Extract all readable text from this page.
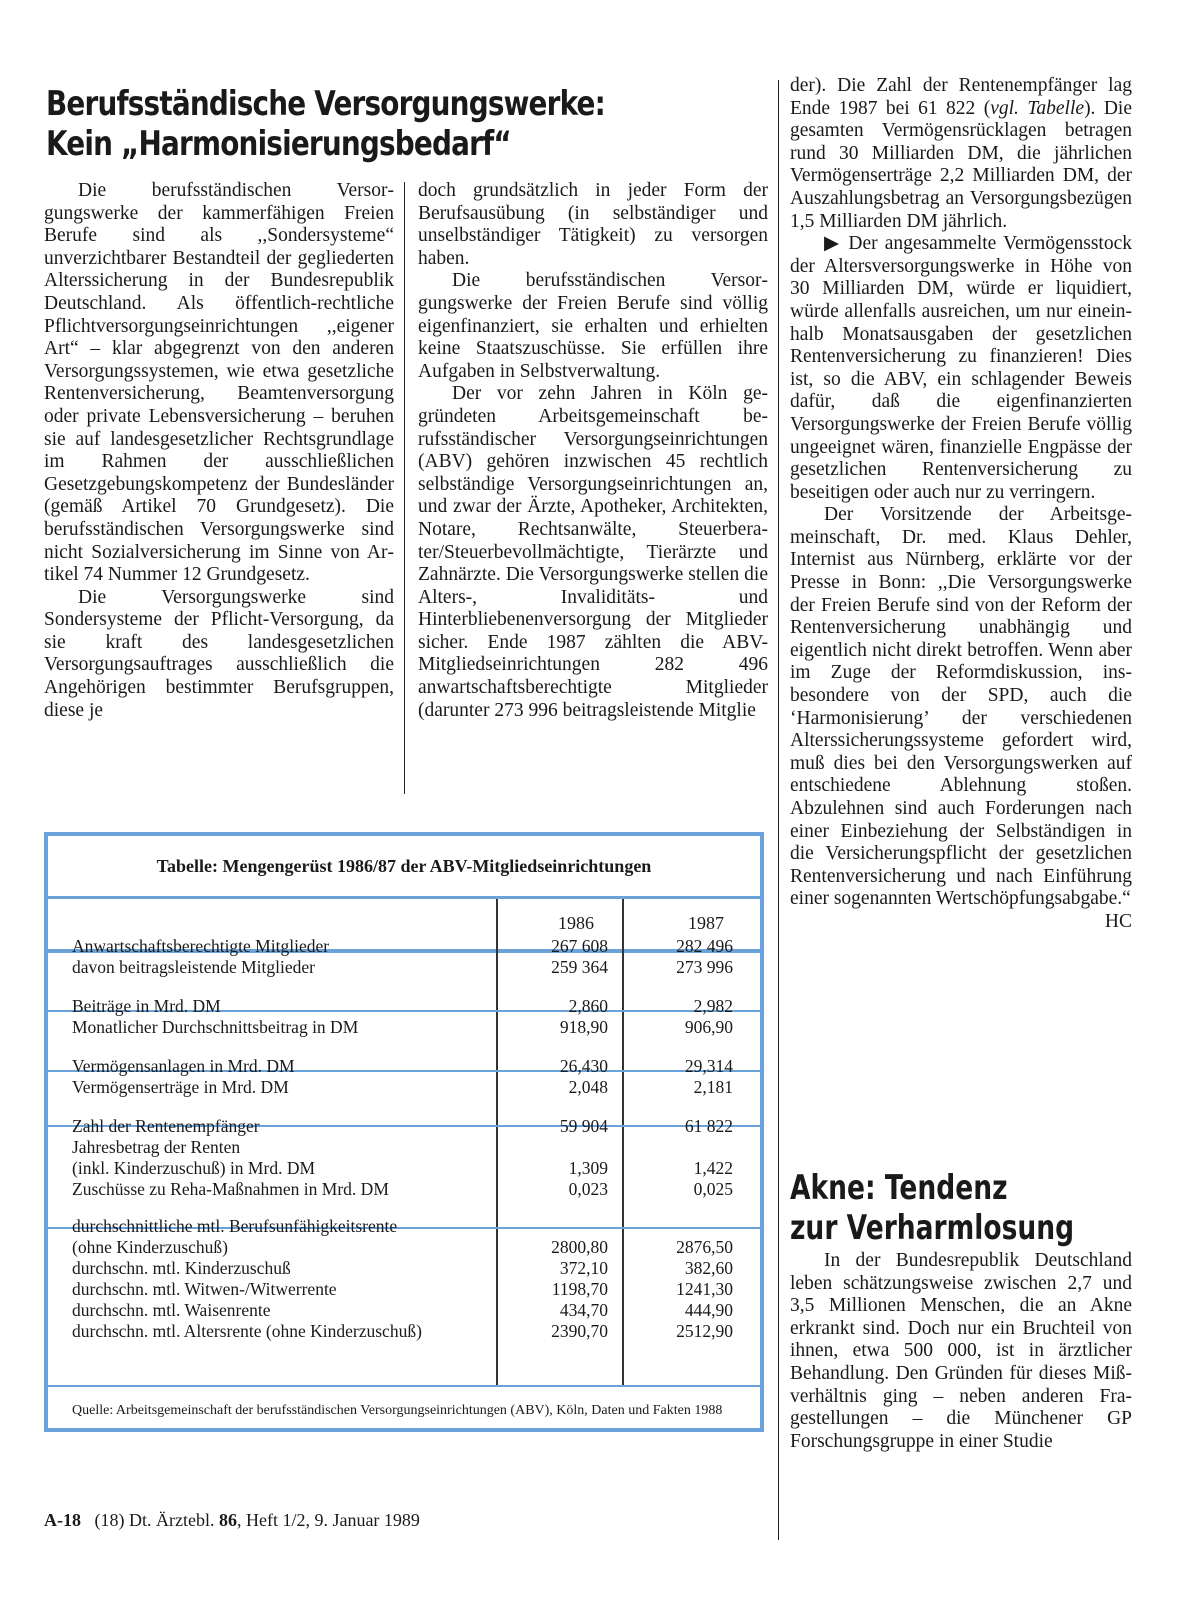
Berufsständische Versorgungswerke:
Kein „Harmonisierungsbedarf“

Die berufsständischen Versorgungswerke der kammerfähigen Freien Berufe sind als ,,Sondersysteme“ unverzichtbarer Bestandteil der gegliederten Alterssicherung in der Bundesrepublik Deutschland. Als öffentlich-rechtliche Pflichtversorgungseinrichtungen ,,eigener Art“ – klar abgegrenzt von den anderen Versorgungssystemen, wie etwa gesetzliche Rentenversicherung, Beamtenversorgung oder private Lebensversicherung – beruhen sie auf landesgesetzlicher Rechtsgrundlage im Rahmen der ausschließlichen Gesetzgebungskompetenz der Bundesländer (gemäß Artikel 70 Grundgesetz). Die berufsständischen Versorgungswerke sind nicht Sozialversicherung im Sinne von Artikel 74 Nummer 12 Grundgesetz.

Die Versorgungswerke sind Sondersysteme der Pflicht-Versorgung, da sie kraft des landesgesetzlichen Versorgungsauftrages ausschließlich die Angehörigen bestimmter Berufsgruppen, diese je

doch grundsätzlich in jeder Form der Berufsausübung (in selbständiger und unselbständiger Tätigkeit) zu versorgen haben.

Die berufsständischen Versorgungswerke der Freien Berufe sind völlig eigenfinanziert, sie erhalten und erhielten keine Staatszuschüsse. Sie erfüllen ihre Aufgaben in Selbstverwaltung.

Der vor zehn Jahren in Köln gegründeten Arbeitsgemeinschaft berufsständischer Versorgungseinrichtungen (ABV) gehören inzwischen 45 rechtlich selbständige Versorgungseinrichtungen an, und zwar der Ärzte, Apotheker, Architekten, Notare, Rechtsanwälte, Steuerberater/Steuerbevollmächtigte, Tierärzte und Zahnärzte. Die Versorgungswerke stellen die Alters-, Invaliditäts- und Hinterbliebenenversorgung der Mitglieder sicher. Ende 1987 zählten die ABV-Mitgliedseinrichtungen 282 496 anwartschaftsberechtigte Mitglieder (darunter 273 996 beitragsleistende Mitglie

der). Die Zahl der Rentenempfänger lag Ende 1987 bei 61 822 (vgl. Tabelle). Die gesamten Vermögensrücklagen betragen rund 30 Milliarden DM, die jährlichen Vermögenserträge 2,2 Milliarden DM, der Auszahlungsbetrag an Versorgungsbezügen 1,5 Milliarden DM jährlich.

▶ Der angesammelte Vermögensstock der Altersversorgungswerke in Höhe von 30 Milliarden DM, würde er liquidiert, würde allenfalls ausreichen, um nur eineinhalb Monatsausgaben der gesetzlichen Rentenversicherung zu finanzieren! Dies ist, so die ABV, ein schlagender Beweis dafür, daß die eigenfinanzierten Versorgungswerke der Freien Berufe völlig ungeeignet wären, finanzielle Engpässe der gesetzlichen Rentenversicherung zu beseitigen oder auch nur zu verringern.

Der Vorsitzende der Arbeitsgemeinschaft, Dr. med. Klaus Dehler, Internist aus Nürnberg, erklärte vor der Presse in Bonn: ,,Die Versorgungswerke der Freien Berufe sind von der Reform der Rentenversicherung unabhängig und eigentlich nicht direkt betroffen. Wenn aber im Zuge der Reformdiskussion, insbesondere von der SPD, auch die ‘Harmonisierung’ der verschiedenen Alterssicherungssysteme gefordert wird, muß dies bei den Versorgungswerken auf entschiedene Ablehnung stoßen. Abzulehnen sind auch Forderungen nach einer Einbeziehung der Selbständigen in die Versicherungspflicht der gesetzlichen Rentenversicherung und nach Einführung einer sogenannten Wertschöpfungsabgabe.“
HC

Tabelle: Mengengerüst 1986/87 der ABV-Mitgliedseinrichtungen
1986	1987
Anwartschaftsberechtigte Mitglieder	267 608	282 496
davon beitragsleistende Mitglieder	259 364	273 996
Beiträge in Mrd. DM	2,860	2,982
Monatlicher Durchschnittsbeitrag in DM	918,90	906,90
Vermögensanlagen in Mrd. DM	26,430	29,314
Vermögenserträge in Mrd. DM	2,048	2,181
Zahl der Rentenempfänger	59 904	61 822
Jahresbetrag der Renten
(inkl. Kinderzuschuß) in Mrd. DM	1,309	1,422
Zuschüsse zu Reha-Maßnahmen in Mrd. DM	0,023	0,025
durchschnittliche mtl. Berufsunfähigkeitsrente
(ohne Kinderzuschuß)	2800,80	2876,50
durchschn. mtl. Kinderzuschuß	372,10	382,60
durchschn. mtl. Witwen-/Witwerrente	1198,70	1241,30
durchschn. mtl. Waisenrente	434,70	444,90
durchschn. mtl. Altersrente (ohne Kinderzuschuß)	2390,70	2512,90
Quelle: Arbeitsgemeinschaft der berufsständischen Versorgungseinrichtungen (ABV), Köln, Daten und Fakten 1988
Akne: Tendenz
zur Verharmlosung

In der Bundesrepublik Deutschland leben schätzungsweise zwischen 2,7 und 3,5 Millionen Menschen, die an Akne erkrankt sind. Doch nur ein Bruchteil von ihnen, etwa 500 000, ist in ärztlicher Behandlung. Den Gründen für dieses Mißverhältnis ging – neben anderen Fragestellungen – die Münchener GP Forschungsgruppe in einer Studie

A-18 (18) Dt. Ärztebl. 86, Heft 1/2, 9. Januar 1989
